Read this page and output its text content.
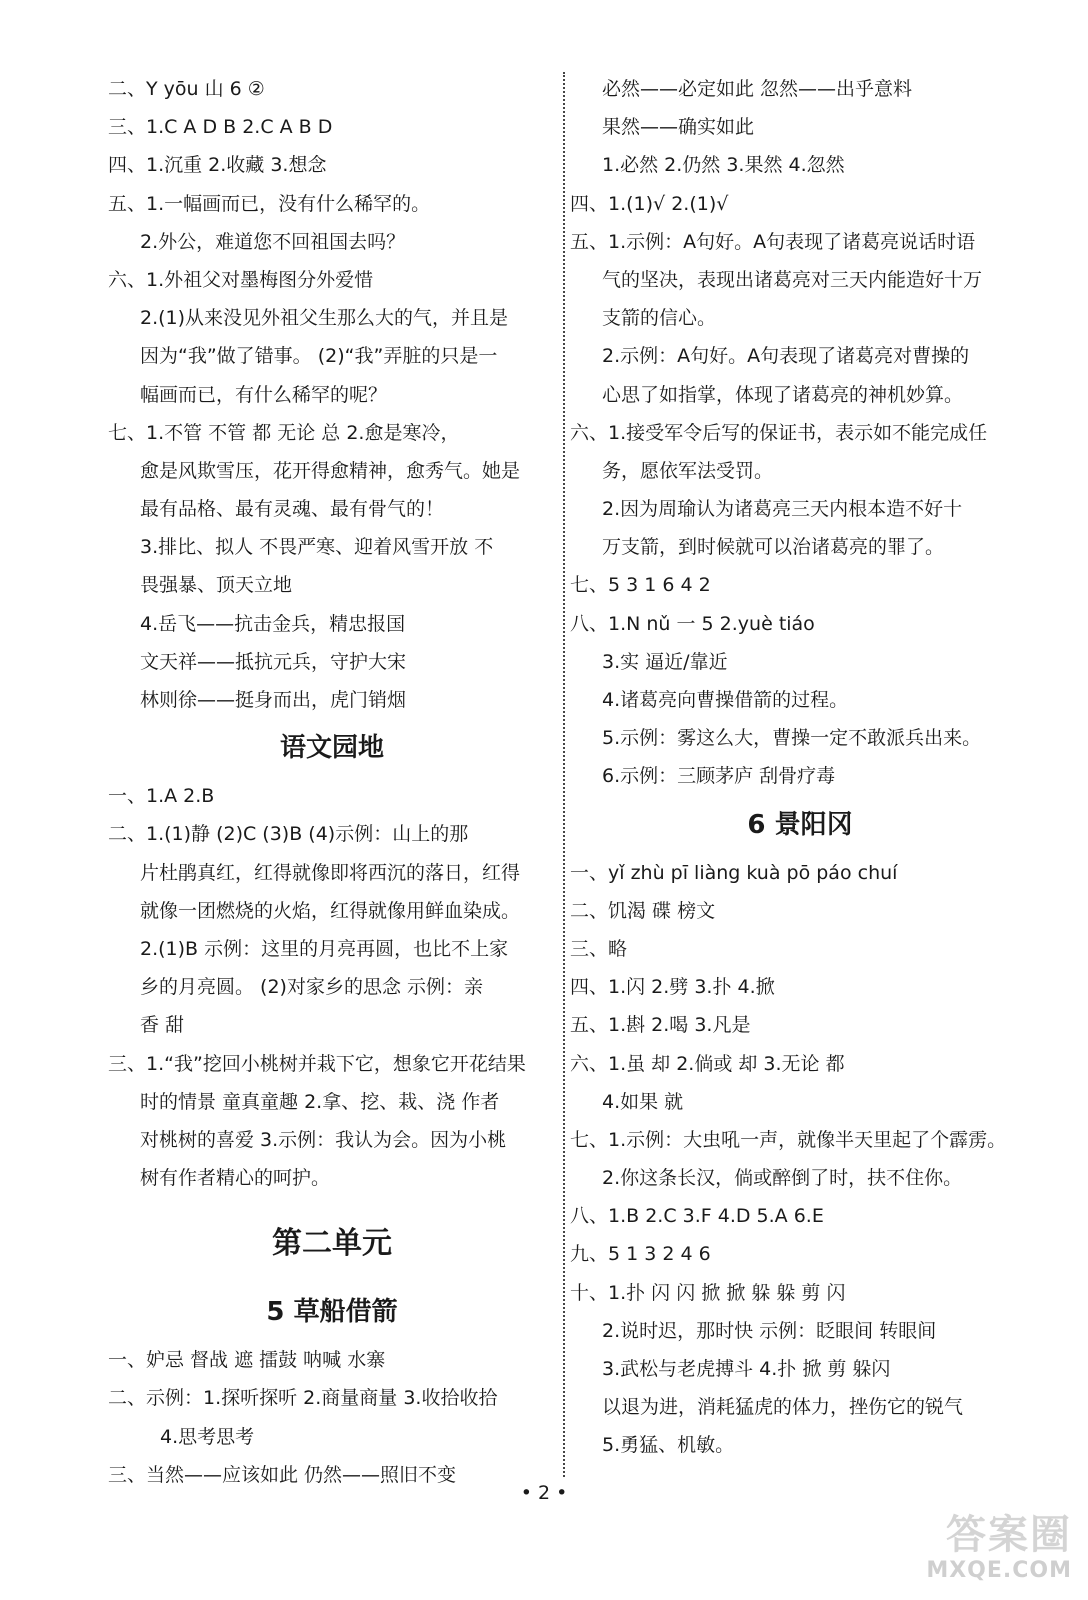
二、Y yōu 山 6 ②
三、1.C A D B 2.C A B D
四、1.沉重 2.收藏 3.想念
五、1.一幅画而已，没有什么稀罕的。
2.外公，难道您不回祖国去吗？
六、1.外祖父对墨梅图分外爱惜
2.(1)从来没见外祖父生那么大的气，并且是
因为“我”做了错事。 (2)“我”弄脏的只是一
幅画而已，有什么稀罕的呢？
七、1.不管 不管 都 无论 总 2.愈是寒冷，
愈是风欺雪压，花开得愈精神，愈秀气。她是
最有品格、最有灵魂、最有骨气的！
3.排比、拟人 不畏严寒、迎着风雪开放 不
畏强暴、顶天立地
4.岳飞——抗击金兵，精忠报国
文天祥——抵抗元兵，守护大宋
林则徐——挺身而出，虎门销烟
语文园地
一、1.A 2.B
二、1.(1)静 (2)C (3)B (4)示例：山上的那
片杜鹃真红，红得就像即将西沉的落日，红得
就像一团燃烧的火焰，红得就像用鲜血染成。
2.(1)B 示例：这里的月亮再圆，也比不上家
乡的月亮圆。 (2)对家乡的思念 示例：亲
香 甜
三、1.“我”挖回小桃树并栽下它，想象它开花结果
时的情景 童真童趣 2.拿、挖、栽、浇 作者
对桃树的喜爱 3.示例：我认为会。因为小桃
树有作者精心的呵护。
第二单元
5 草船借箭
一、妒忌 督战 遮 擂鼓 呐喊 水寨
二、示例：1.探听探听 2.商量商量 3.收拾收拾
4.思考思考
三、当然——应该如此 仍然——照旧不变
必然——必定如此 忽然——出乎意料
果然——确实如此
1.必然 2.仍然 3.果然 4.忽然
四、1.(1)√ 2.(1)√
五、1.示例：A句好。A句表现了诸葛亮说话时语
气的坚决，表现出诸葛亮对三天内能造好十万
支箭的信心。
2.示例：A句好。A句表现了诸葛亮对曹操的
心思了如指掌，体现了诸葛亮的神机妙算。
六、1.接受军令后写的保证书，表示如不能完成任
务，愿依军法受罚。
2.因为周瑜认为诸葛亮三天内根本造不好十
万支箭，到时候就可以治诸葛亮的罪了。
七、5 3 1 6 4 2
八、1.N nǔ 一 5 2.yuè tiáo
3.实 逼近/靠近
4.诸葛亮向曹操借箭的过程。
5.示例：雾这么大，曹操一定不敢派兵出来。
6.示例：三顾茅庐 刮骨疗毒
6 景阳冈
一、yǐ zhù pī liàng kuà pō páo chuí
二、饥渴 碟 榜文
三、略
四、1.闪 2.劈 3.扑 4.掀
五、1.斟 2.喝 3.凡是
六、1.虽 却 2.倘或 却 3.无论 都
4.如果 就
七、1.示例：大虫吼一声，就像半天里起了个霹雳。
2.你这条长汉，倘或醉倒了时，扶不住你。
八、1.B 2.C 3.F 4.D 5.A 6.E
九、5 1 3 2 4 6
十、1.扑 闪 闪 掀 掀 躲 躲 剪 闪
2.说时迟，那时快 示例：眨眼间 转眼间
3.武松与老虎搏斗 4.扑 掀 剪 躲闪
以退为进，消耗猛虎的体力，挫伤它的锐气
5.勇猛、机敏。
• 2 •
答案圈
MXQE.COM
